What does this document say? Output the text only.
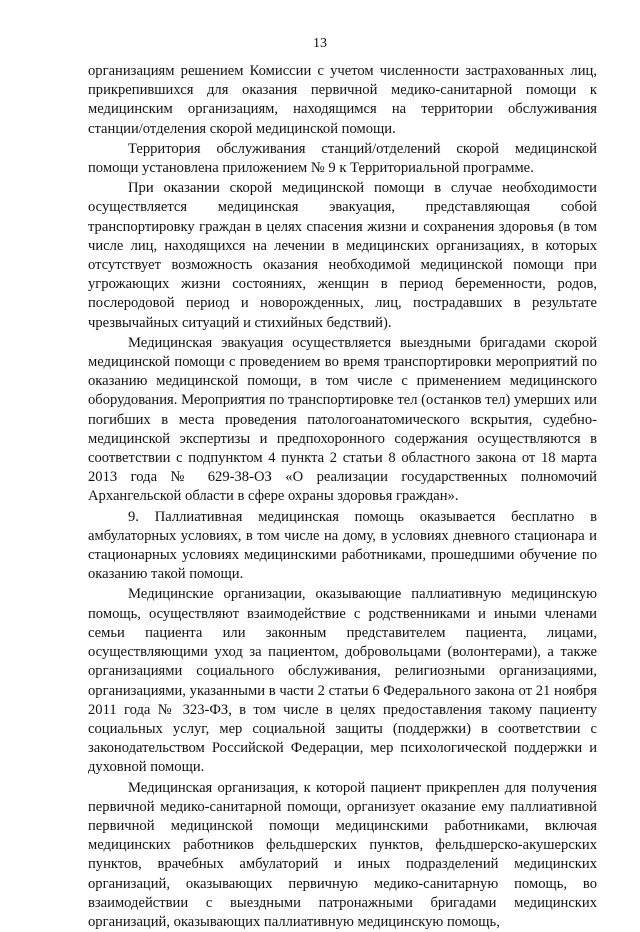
13

организациям решением Комиссии с учетом численности застрахованных лиц, прикрепившихся для оказания первичной медико-санитарной помощи к медицинским организациям, находящимся на территории обслуживания станции/отделения скорой медицинской помощи.

Территория обслуживания станций/отделений скорой медицинской помощи установлена приложением № 9 к Территориальной программе.

При оказании скорой медицинской помощи в случае необходимости осуществляется медицинская эвакуация, представляющая собой транспортировку граждан в целях спасения жизни и сохранения здоровья (в том числе лиц, находящихся на лечении в медицинских организациях, в которых отсутствует возможность оказания необходимой медицинской помощи при угрожающих жизни состояниях, женщин в период беременности, родов, послеродовой период и новорожденных, лиц, пострадавших в результате чрезвычайных ситуаций и стихийных бедствий).

Медицинская эвакуация осуществляется выездными бригадами скорой медицинской помощи с проведением во время транспортировки мероприятий по оказанию медицинской помощи, в том числе с применением медицинского оборудования. Мероприятия по транспортировке тел (останков тел) умерших или погибших в места проведения патологоанатомического вскрытия, судебно-медицинской экспертизы и предпохоронного содержания осуществляются в соответствии с подпунктом 4 пункта 2 статьи 8 областного закона от 18 марта 2013 года № 629-38-ОЗ «О реализации государственных полномочий Архангельской области в сфере охраны здоровья граждан».

9. Паллиативная медицинская помощь оказывается бесплатно в амбулаторных условиях, в том числе на дому, в условиях дневного стационара и стационарных условиях медицинскими работниками, прошедшими обучение по оказанию такой помощи.

Медицинские организации, оказывающие паллиативную медицинскую помощь, осуществляют взаимодействие с родственниками и иными членами семьи пациента или законным представителем пациента, лицами, осуществляющими уход за пациентом, добровольцами (волонтерами), а также организациями социального обслуживания, религиозными организациями, организациями, указанными в части 2 статьи 6 Федерального закона от 21 ноября 2011 года № 323-ФЗ, в том числе в целях предоставления такому пациенту социальных услуг, мер социальной защиты (поддержки) в соответствии с законодательством Российской Федерации, мер психологической поддержки и духовной помощи.

Медицинская организация, к которой пациент прикреплен для получения первичной медико-санитарной помощи, организует оказание ему паллиативной первичной медицинской помощи медицинскими работниками, включая медицинских работников фельдшерских пунктов, фельдшерско-акушерских пунктов, врачебных амбулаторий и иных подразделений медицинских организаций, оказывающих первичную медико-санитарную помощь, во взаимодействии с выездными патронажными бригадами медицинских организаций, оказывающих паллиативную медицинскую помощь,
